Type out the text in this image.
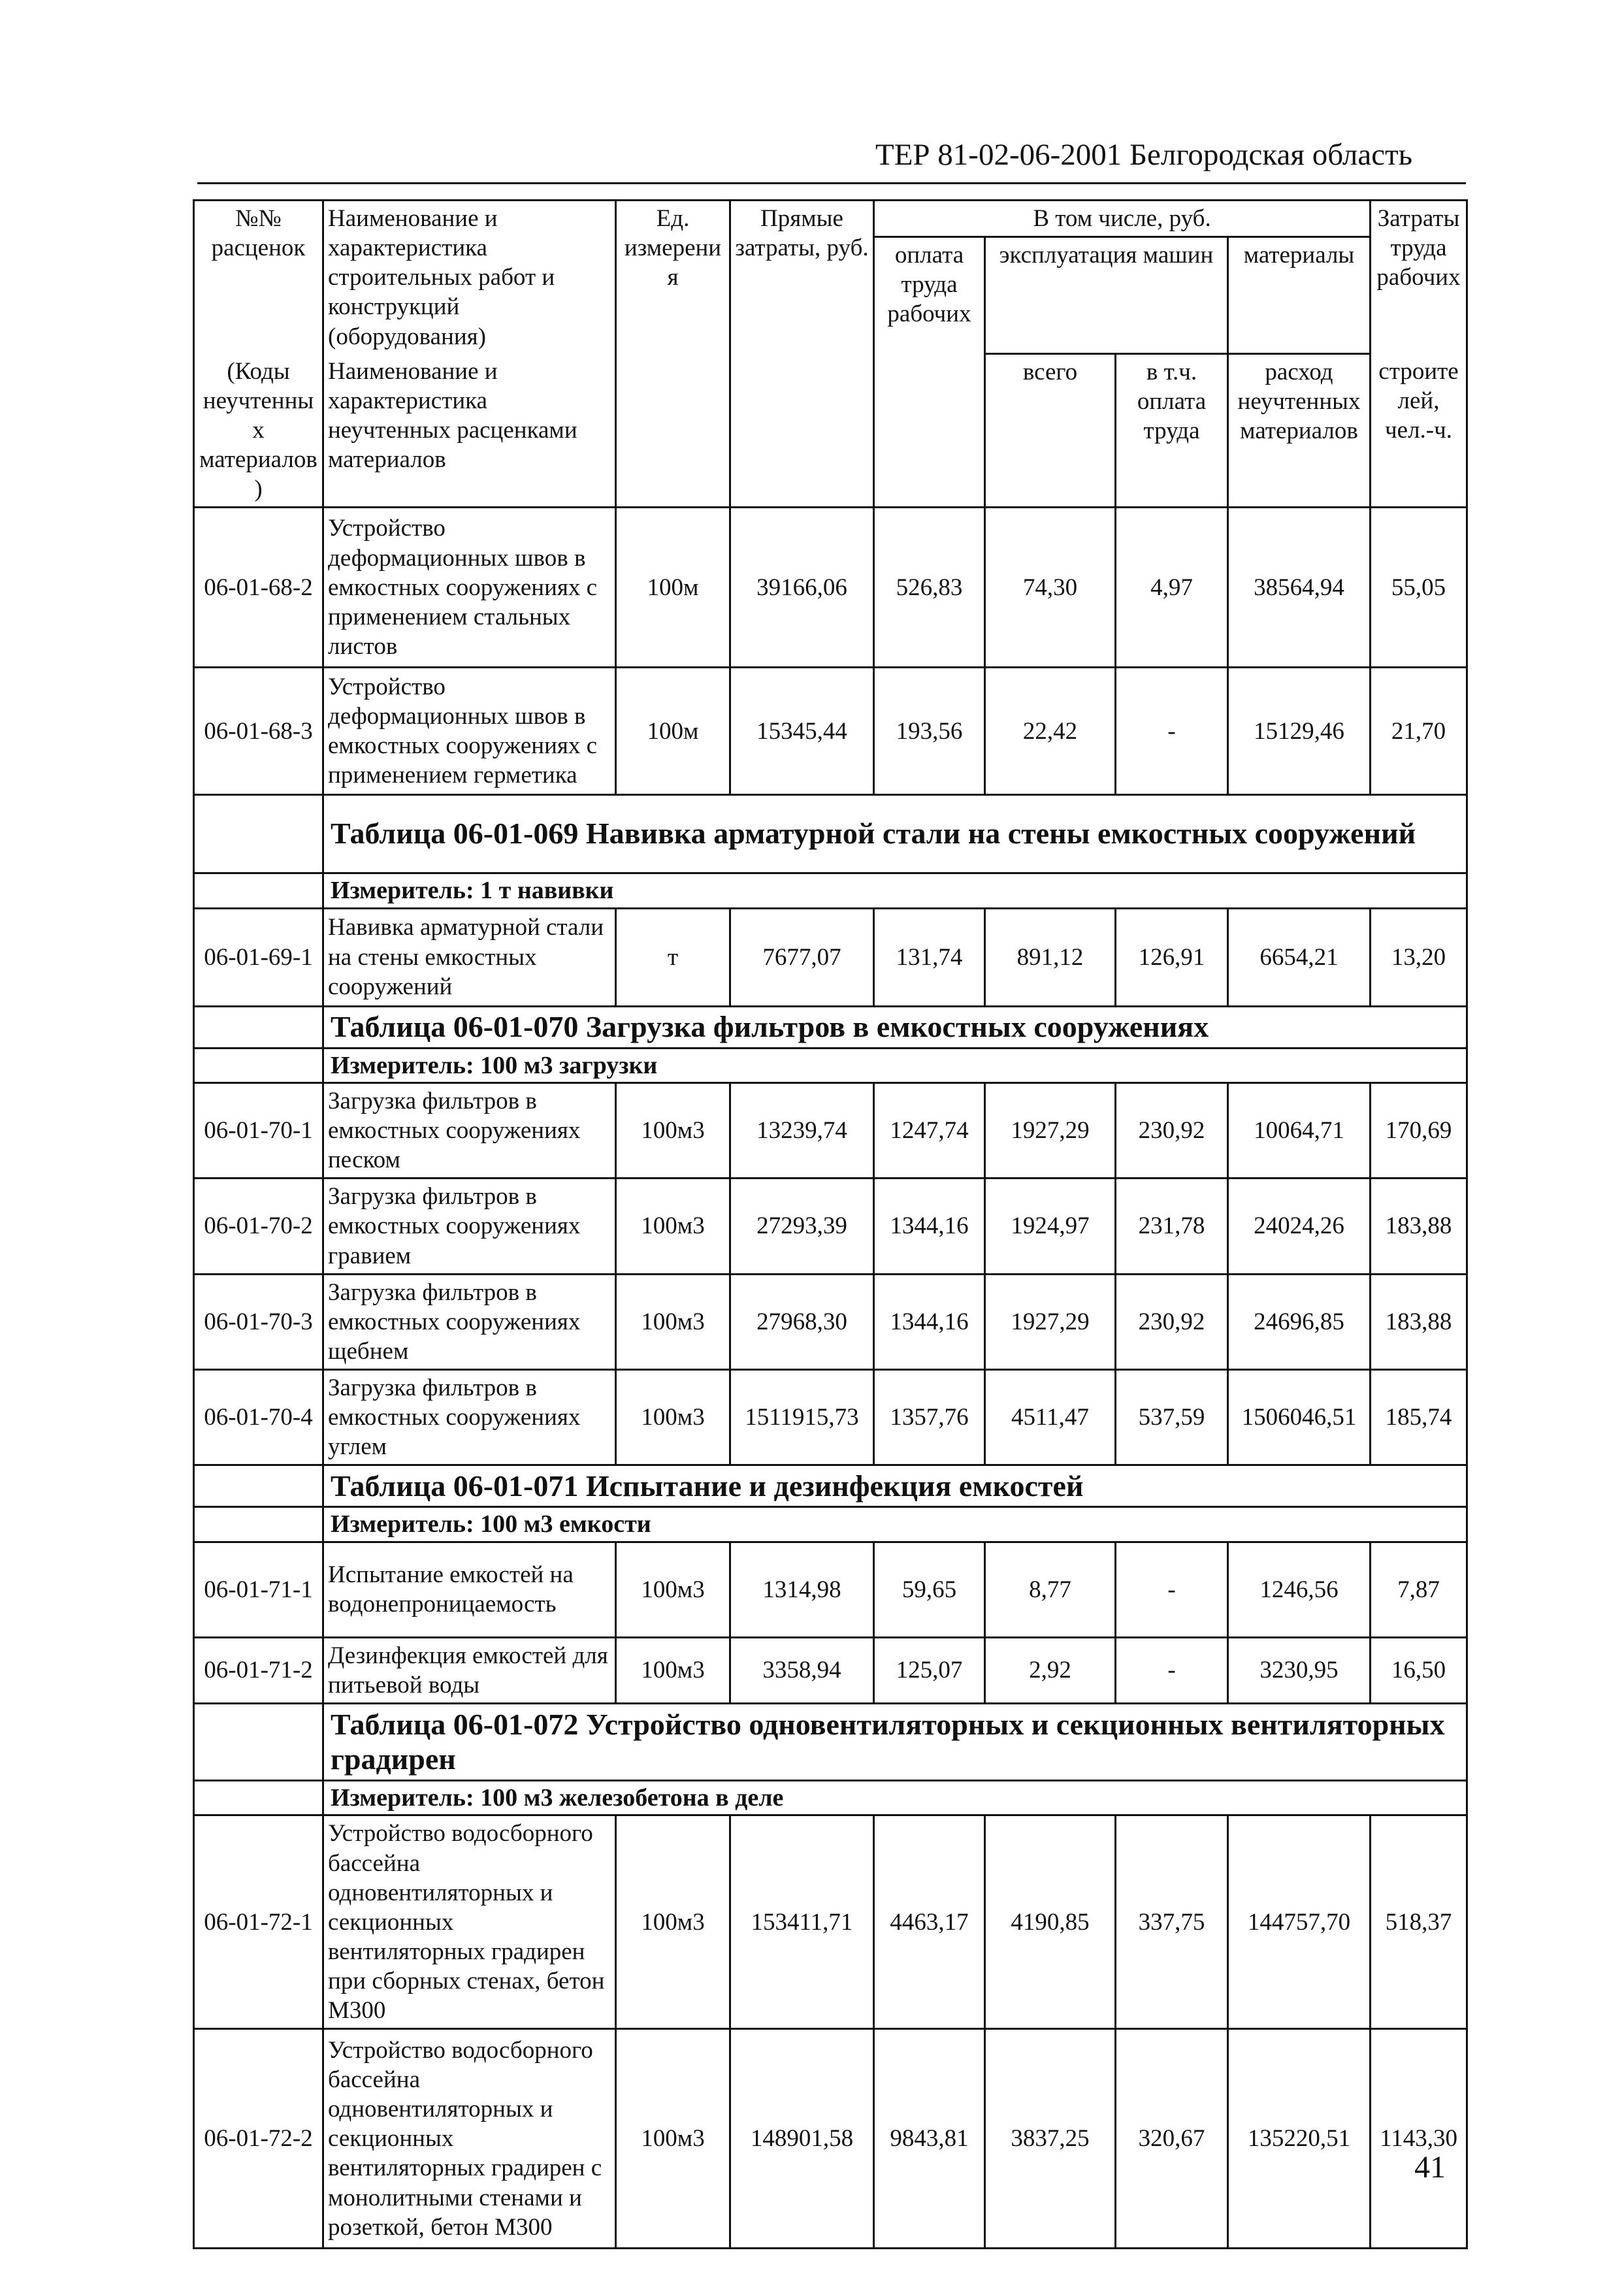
ТЕР 81-02-06-2001 Белгородская область
№№ расценок	Наименование и характеристика строительных работ и конструкций (оборудования)	Ед. измерения	Прямые затраты, руб.	В том числе, руб.				Затраты труда рабочих
				оплата труда рабочих	эксплуатация машин		материалы	
(Коды неучтенных материалов)	Наименование и характеристика неучтенных расценками материалов				всего	в т.ч. оплата труда	расход неучтенных материалов	строителей, чел.-ч.

06-01-68-2	Устройство деформационных швов в емкостных сооружениях с применением стальных листов	100м	39166,06	526,83	74,30	4,97	38564,94	55,05
06-01-68-3	Устройство деформационных швов в емкостных сооружениях с применением герметика	100м	15345,44	193,56	22,42	-	15129,46	21,70
	Таблица 06-01-069 Навивка арматурной стали на стены емкостных сооружений							
	Измеритель: 1 т навивки							
06-01-69-1	Навивка арматурной стали на стены емкостных сооружений	т	7677,07	131,74	891,12	126,91	6654,21	13,20
	Таблица 06-01-070 Загрузка фильтров в емкостных сооружениях							
	Измеритель: 100 м3 загрузки							
06-01-70-1	Загрузка фильтров в емкостных сооружениях песком	100м3	13239,74	1247,74	1927,29	230,92	10064,71	170,69
06-01-70-2	Загрузка фильтров в емкостных сооружениях гравием	100м3	27293,39	1344,16	1924,97	231,78	24024,26	183,88
06-01-70-3	Загрузка фильтров в емкостных сооружениях щебнем	100м3	27968,30	1344,16	1927,29	230,92	24696,85	183,88
06-01-70-4	Загрузка фильтров в емкостных сооружениях углем	100м3	1511915,73	1357,76	4511,47	537,59	1506046,51	185,74
	Таблица 06-01-071 Испытание и дезинфекция емкостей							
	Измеритель: 100 м3 емкости							
06-01-71-1	Испытание емкостей на водонепроницаемость	100м3	1314,98	59,65	8,77	-	1246,56	7,87
06-01-71-2	Дезинфекция емкостей для питьевой воды	100м3	3358,94	125,07	2,92	-	3230,95	16,50
	Таблица 06-01-072 Устройство одновентиляторных и секционных вентиляторных градирен							
	Измеритель: 100 м3 железобетона в деле							
06-01-72-1	Устройство водосборного бассейна одновентиляторных и секционных вентиляторных градирен при сборных стенах, бетон М300	100м3	153411,71	4463,17	4190,85	337,75	144757,70	518,37
06-01-72-2	Устройство водосборного бассейна одновентиляторных и секционных вентиляторных градирен с монолитными стенами и розеткой, бетон М300	100м3	148901,58	9843,81	3837,25	320,67	135220,51	1143,30
41
